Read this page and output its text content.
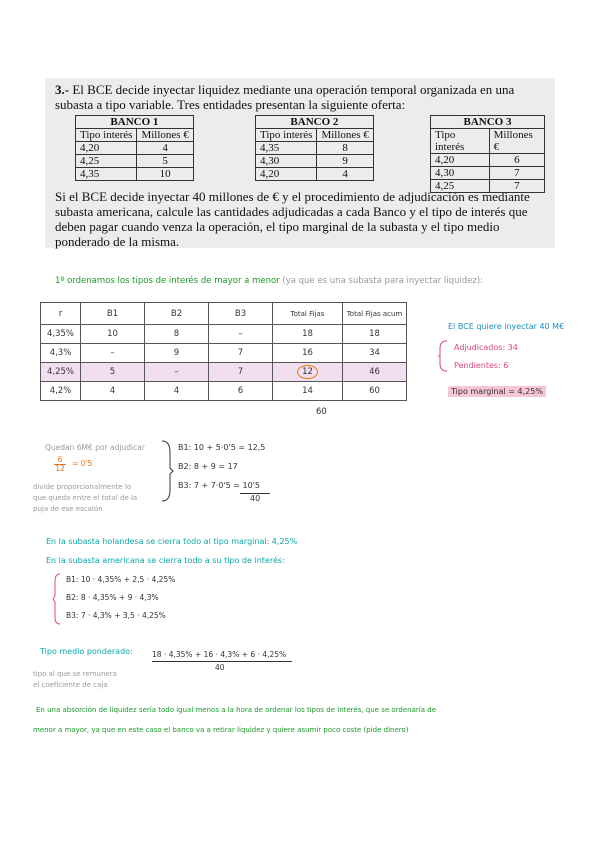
3.- El BCE decide inyectar liquidez mediante una operación temporal organizada en una subasta a tipo variable. Tres entidades presentan la siguiente oferta:

BANCO 1	
Tipo interés	Millones €
4,20	4
4,25	5
4,35	10
BANCO 2	
Tipo interés	Millones €
4,35	8
4,30	9
4,20	4
BANCO 3	
Tipo interés	Millones €
4,20	6
4,30	7
4,25	7

Si el BCE decide inyectar 40 millones de € y el procedimiento de adjudicación es mediante subasta americana, calcule las cantidades adjudicadas a cada Banco y el tipo de interés que deben pagar cuando venza la operación, el tipo marginal de la subasta y el tipo medio ponderado de la misma.

1º ordenamos los tipos de interés de mayor a menor (ya que es una subasta para inyectar liquidez):
r	B1	B2	B3	Total Fijas	Total Fijas acum
4,35%	10	8	–	18	18
4,3%	–	9	7	16	34
4,25%	5	–	7	12	46
4,2%	4	4	6	14	60
60
El BCE quiere inyectar 40 M€
Adjudicados: 34
Pendientes: 6
Tipo marginal = 4,25%
Quedan 6M€ por adjudicar
$\frac{6}{12} = 0'5$
divide proporcionalmente lo
que queda entre el total de la
puja de ese escalón
B1: 10 + 5·0'5 = 12,5
B2: 8 + 9 = 17
B3: 7 + 7·0'5 = 10'5
40
En la subasta holandesa se cierra todo al tipo marginal: 4,25%
En la subasta americana se cierra todo a su tipo de interés:
B1: 10 · 4,35% + 2,5 · 4,25%
B2: 8 · 4,35% + 9 · 4,3%
B3: 7 · 4,3% + 3,5 · 4,25%
Tipo medio ponderado:	18 · 4,35% + 16 · 4,3% + 6 · 4,25%
40
tipo al que se remunera
el coeficiente de caja
En una absorción de liquidez sería todo igual menos a la hora de ordenar los tipos de interés, que se ordenaría de
menor a mayor, ya que en este caso el banco va a retirar liquidez y quiere asumir poco coste (pide dinero)
